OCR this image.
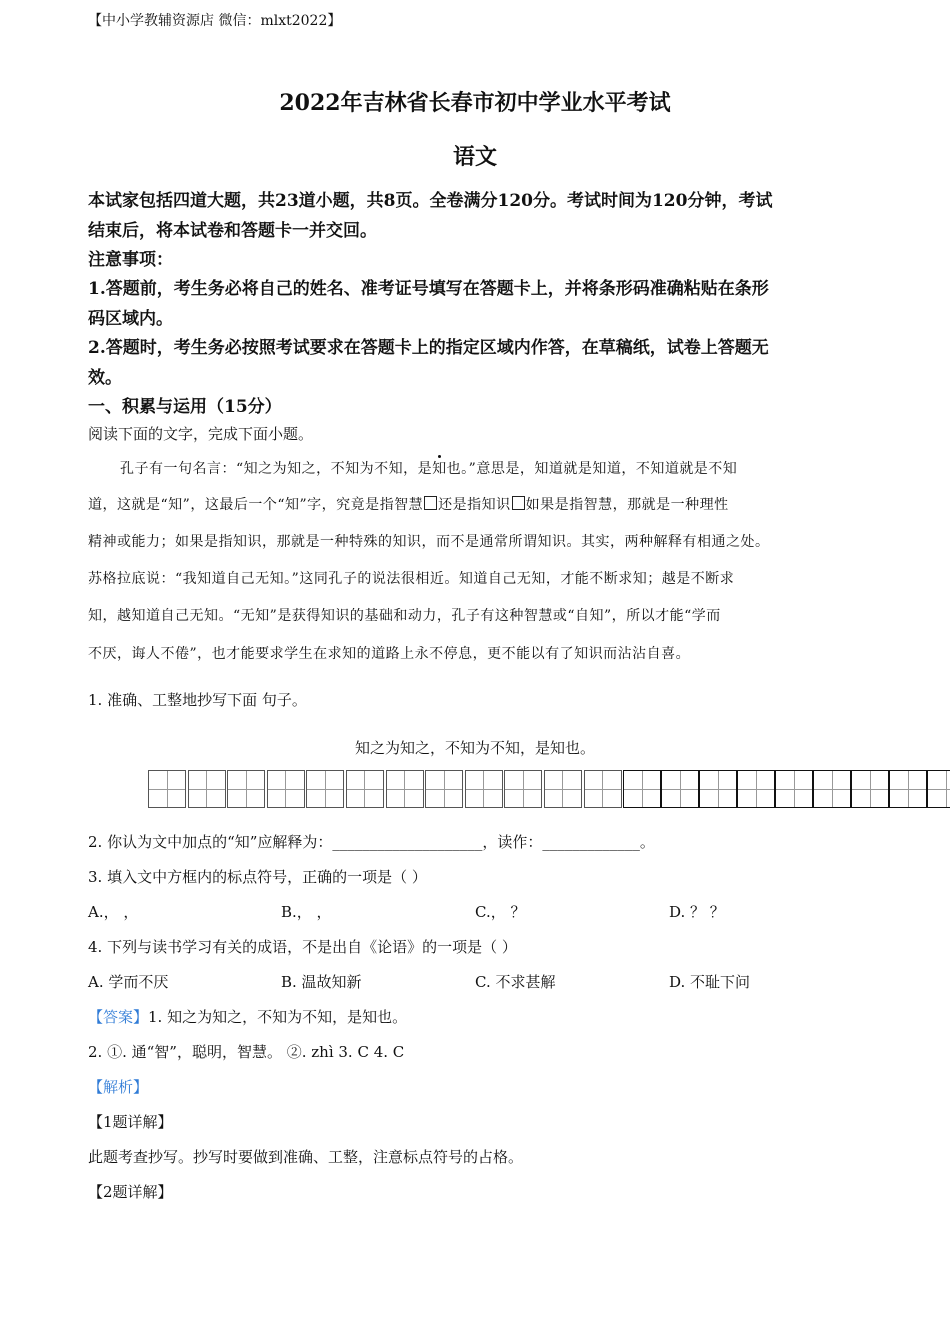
【中小学教辅资源店 微信：mlxt2022】
2022年吉林省长春市初中学业水平考试
语文
本试家包括四道大题，共23道小题，共8页。全卷满分120分。考试时间为120分钟，考试
结束后，将本试卷和答题卡一并交回。
注意事项：
1.答题前，考生务必将自己的姓名、准考证号填写在答题卡上，并将条形码准确粘贴在条形
码区域内。
2.答题时，考生务必按照考试要求在答题卡上的指定区域内作答，在草稿纸，试卷上答题无
效。
一、积累与运用（15分）
阅读下面的文字，完成下面小题。
孔子有一句名言：“知之为知之，不知为不知，是知也。”意思是，知道就是知道，不知道就是不知
道，这就是“知”，这最后一个“知”字，究竟是指智慧 还是指知识 如果是指智慧，那就是一种理性
精神或能力；如果是指知识，那就是一种特殊的知识，而不是通常所谓知识。其实，两种解释有相通之处。
苏格拉底说：“我知道自己无知。”这同孔子的说法很相近。知道自己无知，才能不断求知；越是不断求
知，越知道自己无知。“无知”是获得知识的基础和动力，孔子有这种智慧或“自知”，所以才能“学而
不厌，诲人不倦”，也才能要求学生在求知的道路上永不停息，更不能以有了知识而沾沾自喜。
1. 准确、工整地抄写下面 句子。
知之为知之，不知为不知，是知也。
2. 你认为文中加点的“知”应解释为：____________________，读作：_____________。
3. 填入文中方框内的标点符号，正确的一项是（ ）
A.， ，	B.， ，	C.， ？	D. ？ ？
4. 下列与读书学习有关的成语，不是出自《论语》的一项是（ ）
A. 学而不厌	B. 温故知新	C. 不求甚解	D. 不耻下问
【答案】1. 知之为知之，不知为不知，是知也。
2. ①. 通“智”，聪明，智慧。 ②. zhì 3. C 4. C
【解析】
【1题详解】
此题考查抄写。抄写时要做到准确、工整，注意标点符号的占格。
【2题详解】
